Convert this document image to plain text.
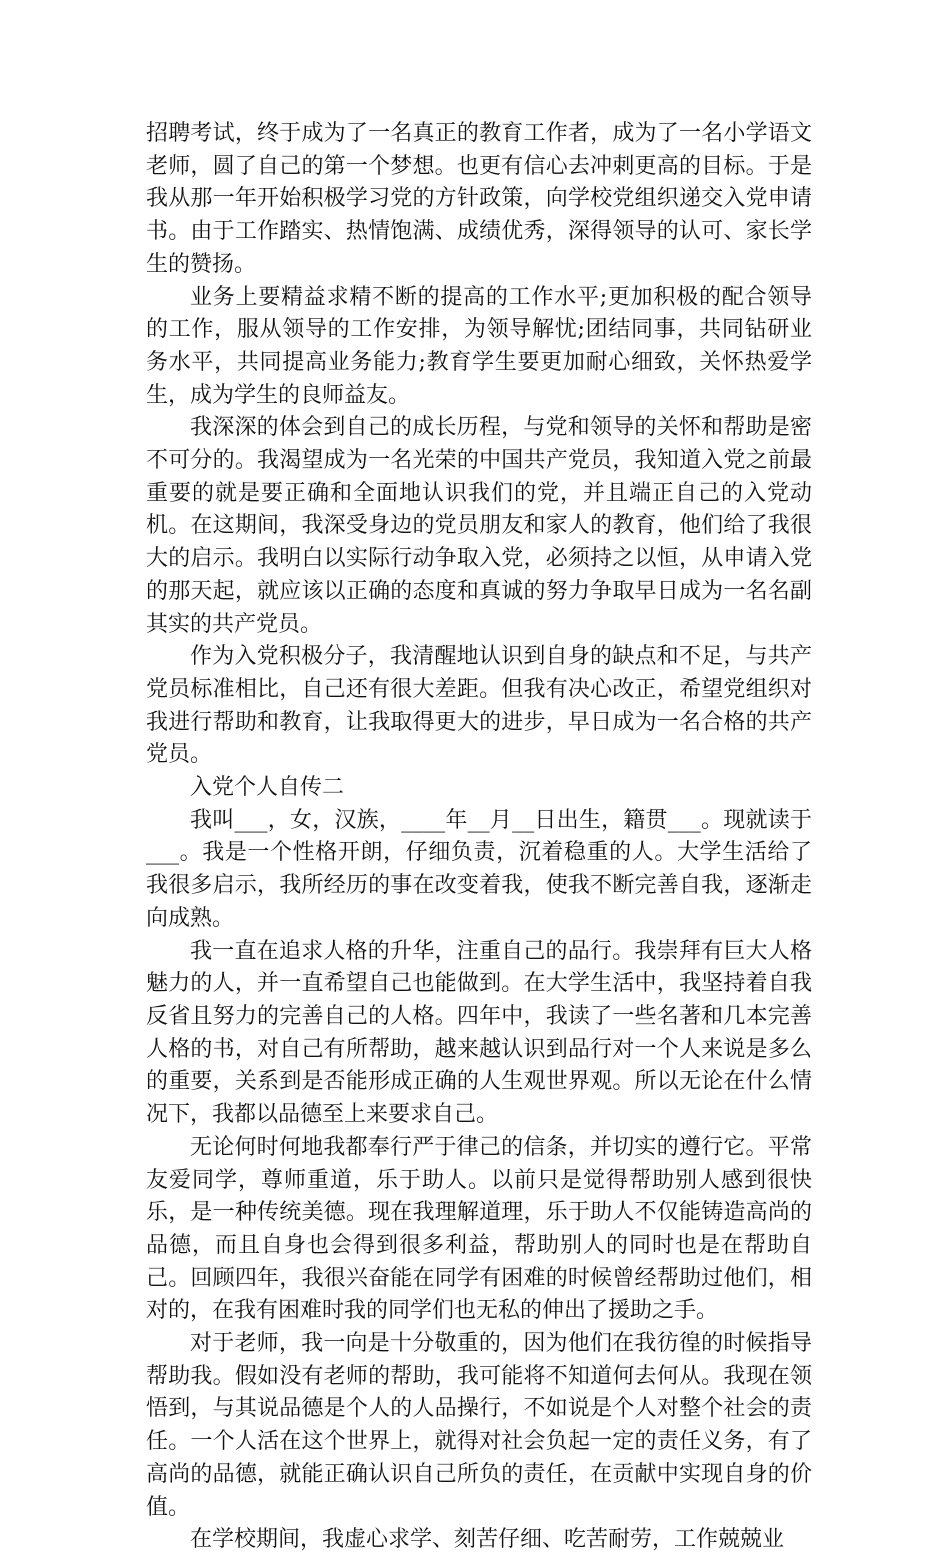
招聘考试，终于成为了一名真正的教育工作者，成为了一名小学语文老师，圆了自己的第一个梦想。也更有信心去冲刺更高的目标。于是我从那一年开始积极学习党的方针政策，向学校党组织递交入党申请书。由于工作踏实、热情饱满、成绩优秀，深得领导的认可、家长学生的赞扬。

业务上要精益求精不断的提高的工作水平;更加积极的配合领导的工作，服从领导的工作安排，为领导解忧;团结同事，共同钻研业务水平，共同提高业务能力;教育学生要更加耐心细致，关怀热爱学生，成为学生的良师益友。

我深深的体会到自己的成长历程，与党和领导的关怀和帮助是密不可分的。我渴望成为一名光荣的中国共产党员，我知道入党之前最重要的就是要正确和全面地认识我们的党，并且端正自己的入党动机。在这期间，我深受身边的党员朋友和家人的教育，他们给了我很大的启示。我明白以实际行动争取入党，必须持之以恒，从申请入党的那天起，就应该以正确的态度和真诚的努力争取早日成为一名名副其实的共产党员。

作为入党积极分子，我清醒地认识到自身的缺点和不足，与共产党员标准相比，自己还有很大差距。但我有决心改正，希望党组织对我进行帮助和教育，让我取得更大的进步，早日成为一名合格的共产党员。

入党个人自传二

我叫___，女，汉族，____年__月__日出生，籍贯___。现就读于___。我是一个性格开朗，仔细负责，沉着稳重的人。大学生活给了我很多启示，我所经历的事在改变着我，使我不断完善自我，逐渐走向成熟。

我一直在追求人格的升华，注重自己的品行。我崇拜有巨大人格魅力的人，并一直希望自己也能做到。在大学生活中，我坚持着自我反省且努力的完善自己的人格。四年中，我读了一些名著和几本完善人格的书，对自己有所帮助，越来越认识到品行对一个人来说是多么的重要，关系到是否能形成正确的人生观世界观。所以无论在什么情况下，我都以品德至上来要求自己。

无论何时何地我都奉行严于律己的信条，并切实的遵行它。平常友爱同学，尊师重道，乐于助人。以前只是觉得帮助别人感到很快乐，是一种传统美德。现在我理解道理，乐于助人不仅能铸造高尚的品德，而且自身也会得到很多利益，帮助别人的同时也是在帮助自己。回顾四年，我很兴奋能在同学有困难的时候曾经帮助过他们，相对的，在我有困难时我的同学们也无私的伸出了援助之手。

对于老师，我一向是十分敬重的，因为他们在我彷徨的时候指导帮助我。假如没有老师的帮助，我可能将不知道何去何从。我现在领悟到，与其说品德是个人的人品操行，不如说是个人对整个社会的责任。一个人活在这个世界上，就得对社会负起一定的责任义务，有了高尚的品德，就能正确认识自己所负的责任，在贡献中实现自身的价值。

在学校期间，我虚心求学、刻苦仔细、吃苦耐劳，工作兢兢业
